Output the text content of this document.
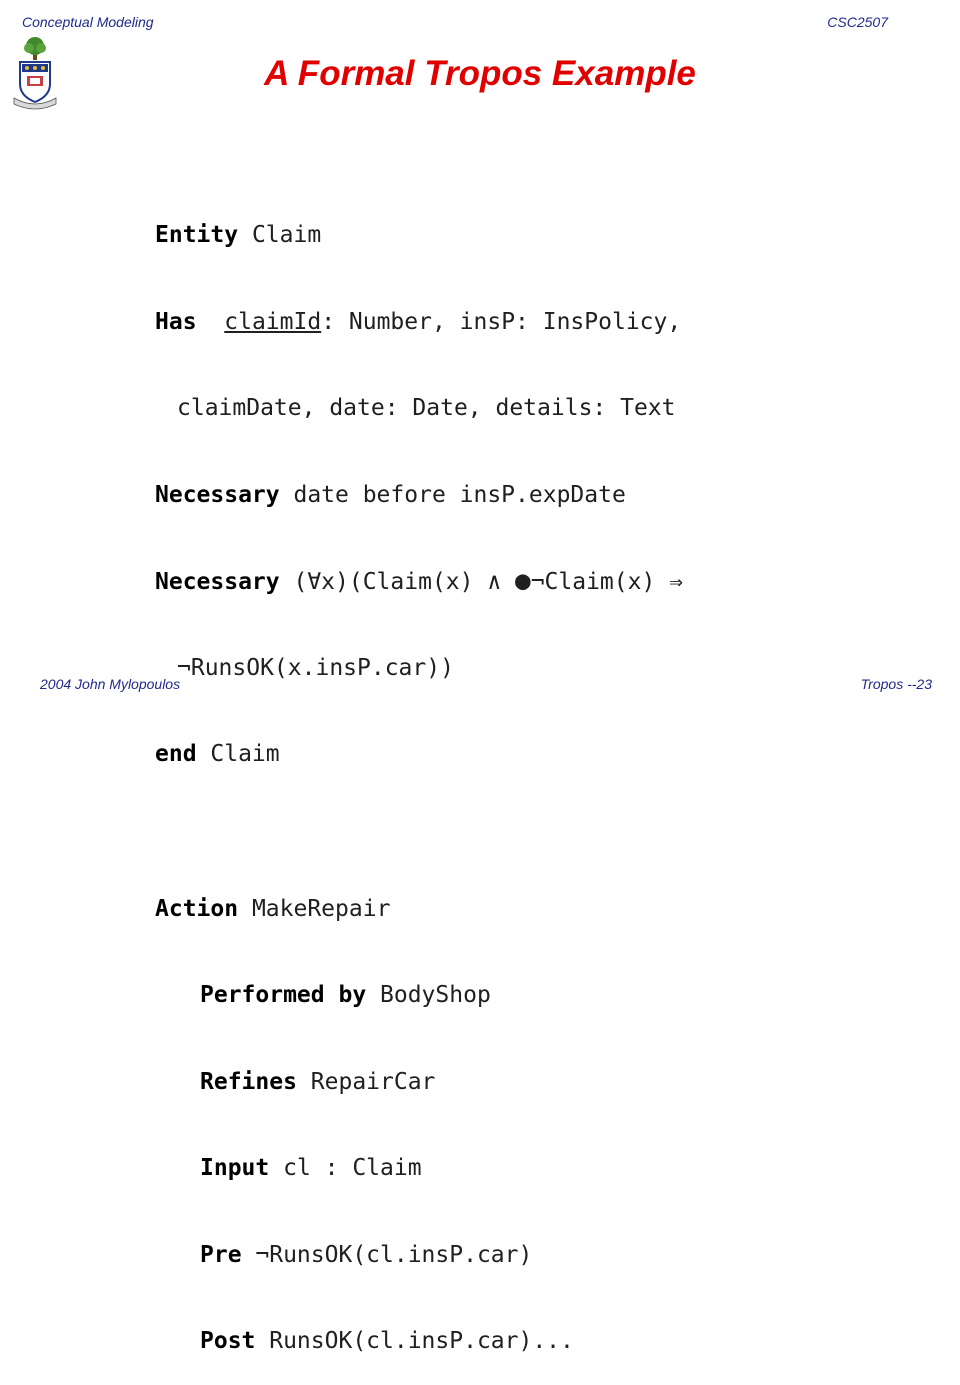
Conceptual Modeling	CSC2507
A Formal Tropos Example

Entity Claim

Has claimId: Number, insP: InsPolicy,

claimDate, date: Date, details: Text

Necessary date before insP.expDate

Necessary (∀x)(Claim(x) ∧ ●¬Claim(x) ⇒

¬RunsOK(x.insP.car))

end Claim

Action MakeRepair

Performed by BodyShop

Refines RepairCar

Input cl : Claim

Pre ¬RunsOK(cl.insP.car)

Post RunsOK(cl.insP.car)...

2004 John Mylopoulos	Tropos --23
